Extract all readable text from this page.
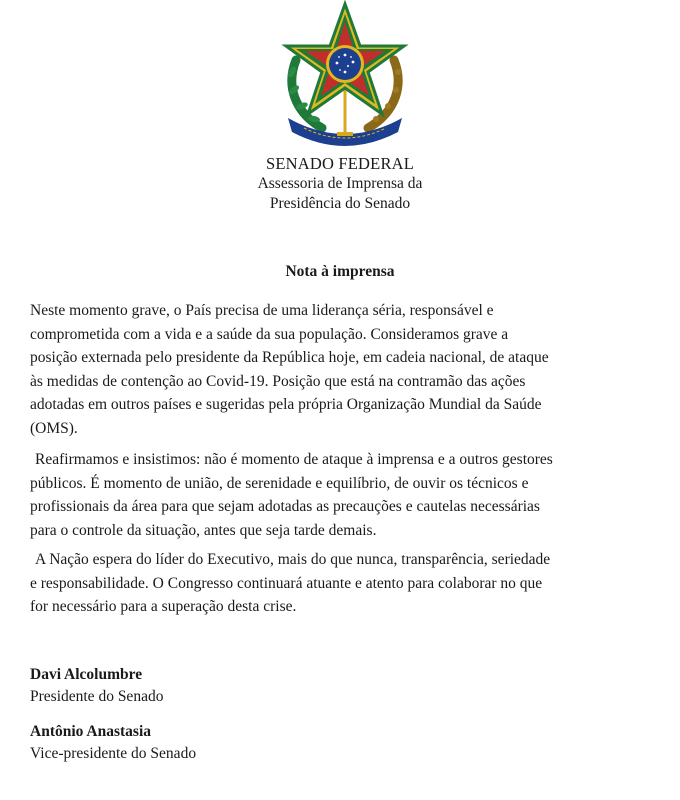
SENADO FEDERAL
Assessoria de Imprensa da
Presidência do Senado
Nota à imprensa
Neste momento grave, o País precisa de uma liderança séria, responsável e
comprometida com a vida e a saúde da sua população. Consideramos grave a
posição externada pelo presidente da República hoje, em cadeia nacional, de ataque
às medidas de contenção ao Covid-19. Posição que está na contramão das ações
adotadas em outros países e sugeridas pela própria Organização Mundial da Saúde
(OMS).
Reafirmamos e insistimos: não é momento de ataque à imprensa e a outros gestores
públicos. É momento de união, de serenidade e equilíbrio, de ouvir os técnicos e
profissionais da área para que sejam adotadas as precauções e cautelas necessárias
para o controle da situação, antes que seja tarde demais.
A Nação espera do líder do Executivo, mais do que nunca, transparência, seriedade
e responsabilidade. O Congresso continuará atuante e atento para colaborar no que
for necessário para a superação desta crise.
Davi Alcolumbre
Presidente do Senado
Antônio Anastasia
Vice-presidente do Senado
